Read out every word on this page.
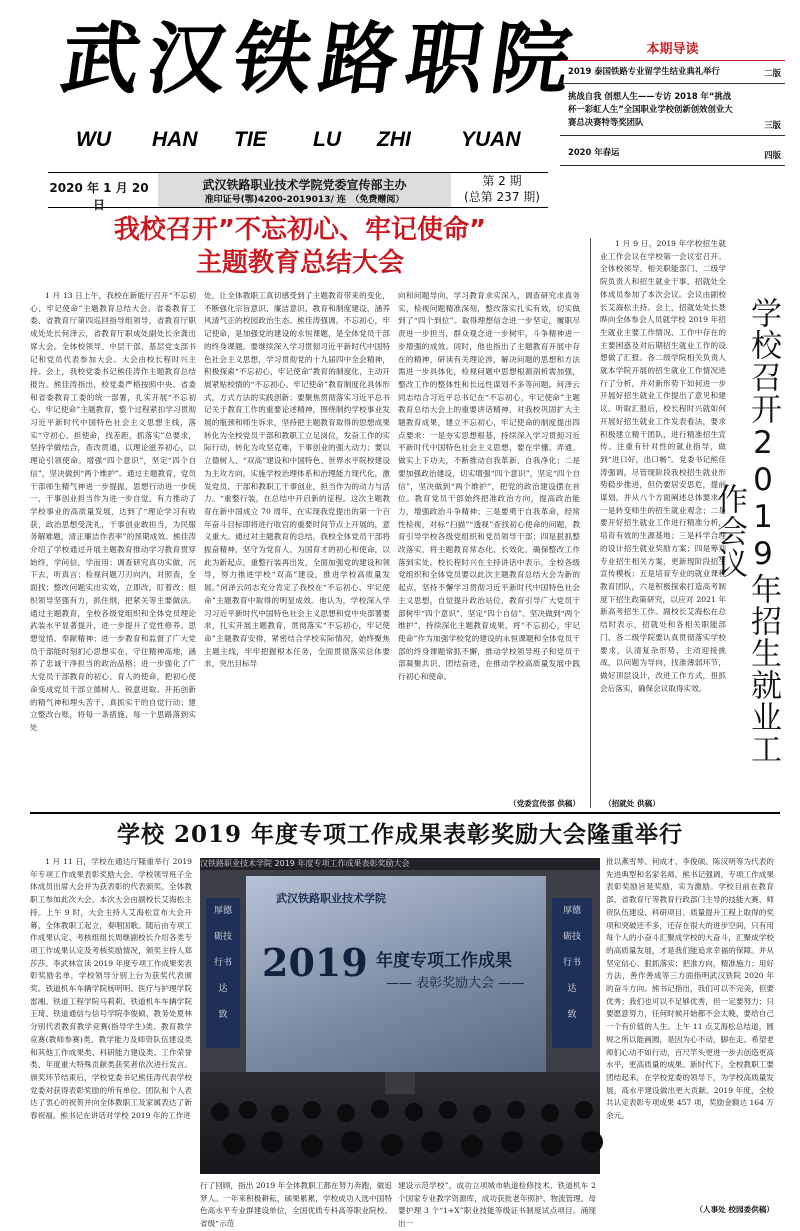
武汉铁路职院
WU HAN TIE LU ZHI YUAN
本期导读
2019 泰国铁路专业留学生结业典礼举行	二版
挑战自我 创想人生——专访 2018 年“挑战杯一彩虹人生”全国职业学校创新创效创业大赛总决赛特等奖团队	三版
2020 年春运	四版
2020 年 1 月 20 日
武汉铁路职业技术学院党委宣传部主办
准印证号(鄂)4200-2019013/ 连　（免费赠阅）
第 2 期
(总第 237 期)
我校召开”不忘初心、牢记使命”
主题教育总结大会
1 月 13 日上午，我校在新能厅召开“不忘初心、牢记使命”主题教育总结大会。省委教育工委、省教育厅第四巡回指导组领导，省教育厅职成处处长何泽云，省教育厅职成处副处长余龚出席大会。全体校领导、中层干部、基层党支部书记和党员代表参加大会。大会由校长程时兴主持。会上，我校党委书记熊佳涛作主题教育总结报告。熊佳涛指出，校党委严格按照中央、省委和省委教育工委的统一部署，扎实开展“不忘初心、牢记使命”主题教育，整个过程紧扣学习贯彻习近平新时代中国特色社会主义思想主线，落实“守初心、担使命，找差距，抓落实”总要求，坚持学做结合，查改贯通，以理论滋养初心，以理论引领使命。增强“四个意识”，坚定“四个自信”，坚决做到“两个维护”。通过主题教育，党员干部师生精气神进一步提振，思想行动进一步统一，干事创业担当作为进一步自觉，有力推动了学校事业的高质量发展，达到了“理论学习有收获，政治思想受洗礼，干事创业敢担当，为民服务解难题，清正廉洁作表率”的预期成效。熊佳涛介绍了学校通过开展主题教育推动学习教育贯穿始终，学问信，学而用；调查研究真功实做，沉下去，听真言；检视问题刀刃向内，对照查，全面找；整改问题实出实效，立即改，盯着改；组织领导坚强有力，抓住纲，把紧关等主要做法。通过主题教育，全校各级党组织和全体党员理论武装水平显著提升，进一步提升了党性修养、思想觉悟、奉献精神；进一步教育和监督了广大党员干部能时刻扪心思想实在，守住精神高地，涵养了忠诚干净担当的政治品格；进一步强化了广大党员干部教育的初心、育人的使命，把初心使命变成党员干部立德树人、锐意进取、开拓创新的精气神和埋头苦干、真抓实干的自觉行动；建立整改台账，将每一条措施、每一个思路落到实处
处，让全体教职工真切感受到了主题教育带来的变化，不断强化宗旨意识、廉洁意识、教育和制度建设，涵养风清气正的校园政治生态。熊佳涛强调，不忘初心，牢记使命，是加强党的建设的永恒课题，是全体党员干部的终身课题。要继续深入学习贯彻习近平新时代中国特色社会主义思想，学习贯彻党的十九届四中全会精神，积极探索“不忘初心，牢记使命”教育的制度化，主动开展紧贴校情的“不忘初心、牢记使命”教育制度化具体形式，方式方法的实践创新；要聚焦贯彻落实习近平总书记关于教育工作的重要论述精神，围绕制约学校事业发展的瓶颈和师生诉求，坚持把主题教育取得的思想成果转化为全校党员干部和教职工立足岗位，发奋工作的实际行动，转化为攻坚克难，干事创业的强大动力；要以立德树人、“双高”建设和中国特色、世界水平院校建设为主攻方向，实施学校治理体系和治理能力现代化，激发党员、干部和教职工干事创业，担当作为的动力与活力。“重整行装，在总结中开启新的征程。这次主题教育在新中国成立 70 周年，在实现我党提出的第一个百年奋斗目标即将进行收官的重要时间节点上开展的，意义重大。通过对主题教育的总结，我校全体党员干部将振奋精神，坚守为党育人、为国育才的初心和使命，以此为新起点，重整行装再出发，全面加强党的建设和领导，努力推进学校“双高”建设，推进学校高质量发展。”何泽云同志充分肯定了我校在“不忘初心、牢记使命”主题教育中取得的明显成效。他认为，学校深入学习习近平新时代中国特色社会主义思想和党中央部署要求，扎实开展主题教育，贯彻落实“不忘初心，牢记使命”主题教育安排，紧密结合学校实际情况，始终聚焦主题主线，牢牢把握根本任务，全面贯彻落实总体要求，突出目标导
向和问题导向，学习教育求实深入，调查研究求真务实，检视问题精准深刻，整改落实扎实有效，切实做到了“四个到位”。取得理想信念进一步坚定，履职尽责进一步担当，群众观念进一步树牢，斗争精神进一步增强的成效。同时，他也指出了主题教育开展中存在的精神，研读有关理论涉，解决问题的思想和方法需进一步具体化，检视问题中思想根源剖析需加强，整改工作的整体性和长远性谋划不多等问题。何泽云同志结合习近平总书记在“不忘初心，牢记使命”主题教育总结大会上的重要讲话精神，对我校巩固扩大主题教育成果，建立不忘初心，牢记使命的制度提出四点要求：一是夯实思想根基，持续深入学习贯彻习近平新时代中国特色社会主义思想，要在学懂、弄通、做实上下功夫，不断推动自我革新、自我净化；二是要加强政治建设，切实增强“四个意识”，坚定“四个自信”，坚决做到“两个维护”，把党的政治建设摆在首位。教育党员干部始终把准政治方向，提高政治能力，增强政治斗争精神；三是要勇于自我革命，经常性检视，对标“扫描”“透视”查找初心使命的问题，教育引导学校各级党组织和党员领导干部；四是狠抓整改落实，将主题教育常态化、长效化，确保整改工作落到实处。校长程时兴在主持讲话中表示，全校各级党组织和全体党员要以此次主题教育总结大会为新的起点，坚持不懈学习贯彻习近平新时代中国特色社会主义思想，自觉提升政治站位，教育引导广大党员干部树牢“四个意识”、坚定“四个自信”、坚决做到“两个维护”，持续深化主题教育成果，将“不忘初心，牢记使命”作为加强学校党的建设的永恒课题和全体党员干部的终身课题常抓不懈，推动学校领导班子和党员干部凝聚共识、团结奋进，在推动学校高质量发展中践行初心和使命。
（党委宣传部 供稿）
1 月 9 日，2019 年学校招生就业工作会议在学校第一会议室召开。全体校领导、相关职能部门、二级学院负责人和招生就业干事，招就处全体成员参加了本次会议。会议由副校长艾海松主持。会上，招就处处长聂晔向全体参会人员就学校 2019 年招生就业主要工作情况、工作中存在的主要困惑及对后期招生就业工作的设想做了汇报。各二级学院相关负责人就本学院开展的招生就业工作情况进行了分析，并对新形势下如何进一步开展好招生就业工作提出了意见和建议。听取汇报后，校长程时兴就如何开展好招生就业工作发表看法，要求积极建立精干团队，进行精准招生宣传。注重有针对性的就业指导，做到“进口好，出口畅”。党委书记熊佳涛强调，尽管现阶段我校招生就业形势稳步推进，但仍要居安思危，提前谋划，并从八个方面阐述总体要求：一是转变师生的招生就业观念；二是要开好招生就业工作进行精准分析，培育有效的生源基地；三是科学合理的设计招生就业奖励方案；四是筹划专业招生相关方案，更新现阶段招生宣传模板；五是培育专业的就业课程教育团队，六是积极探索打造高考制度下招生政策研究，以应对 2021 年新高考招生工作。副校长艾海松在总结时表示，招就处和各相关职能部门、各二级学院要认真贯彻落实学校要求，认清复杂形势，主动迎接挑战，以问题为导向，找准薄弱环节，做好顶层设计，改进工作方式，扭抓会后落实，确保会议取得实效。
（招就处 供稿）
学校召开2019年招生就业工作会议
学校 2019 年度专项工作成果表彰奖励大会隆重举行
1 月 11 日，学校在通达厅隆重举行 2019 年专项工作成果表彰奖励大会。学校领导班子全体成员出席大会并为获表彰的代表颁奖。全体教职工参加此次大会。本次大会由副校长艾海松主持。上午 9 时，大会主持人艾海松宣布大会开幕，全体教职工起立，奏唱国歌。随后由专项工作成果认定、考核组组长周继副校长介绍各类专项工作成果认定及考核奖励情况，颁奖主持人郑莎莎、李武林宣读 2019 年度专项工作成果奖表彰奖励名单，学校领导分别上台为获奖代表颁奖。铁道机车车辆学院杨明明、医疗与护理学院雷湘、铁道工程学院马莉莉、铁道机车车辆学院王琦、铁道通信与信号学院李俊硕、教务处夏林分别代表教育教学竞赛(指导学生)类、教育教学竞赛(教师参赛)类、教学能力及师资队伍建设类和其他工作成果类、科研能力建设类、工作荣誉类、年度重大特殊贡献类获奖者依次进行发言。颁奖环节结束后，学校党委书记熊佳涛代表学校党委对获得表彰奖励的所有单位、团队和个人表达了衷心的祝贺并向全体教职工及家属表达了新春祝福。熊书记在讲话对学校 2019 年的工作进
行了回顾，指出 2019 年全体教职工都在努力奔跑，做追梦人。一年来积极耕耘，硕果累累，学校成功入选中国特色高水平专业群建设单位，全国优质专科高等职业院校、省级“示范
建设示范学校”，成功立项城市轨道检修技术、铁道机车 2 个国家专业教学资源库，成功获批老年照护、物流管理、母婴护理 3 个“1+X”职业技能等级证书制度试点项目。涌现出一
批以燕雪琴、何成才、李俊硕、陈汉明等为代表的先进典型和名家名师。熊书记强调，专项工作成果表彰奖励旨是奖励，实为激励。学校目前在教育部、省教育厅等教育行政部门主导的技能大赛、师资队伍建设、科研项目、质量提升工程上取得的奖项和突破还不多，还存在很大的进步空间，只有用每个人的小奋斗汇聚成学校的大奋斗，汇聚成学校的高质量发展，才是我们能追求幸福的保障。并从坚定信心、狠抓落实；把准方向，精准施力；用好方法，善作善成等三方面指明武汉铁院 2020 年的奋斗方向。熊书记指出，我们可以不完美，但要优秀；我们也可以不足够优秀，但一定要努力；只要愿意努力，任何时候开始都不会太晚，要给自己一个有价值的人生。上午 11 点艾海松总结道，圆规之所以能画圆，是因为心不动，脚在走。希望老师们心动不如行动，百尺竿头更进一步去创造更高水平，更高质量的成果。新时代下，全校教职工要团结起来，在学校党委的领导下，为学校高质量发展，高水平建设做出更大贡献。2019 年度，全校共认定表彰专项成果 457 项，奖励金额达 164 万余元。
（人事处 校园委供稿）
汉铁路职业技术学院 2019 年度专项工作成果表彰奖励大会
厚德
砺技
行书
达
致
厚德
砺技
行书
达
致
武汉铁路职业技术学院
2019 年度专项工作成果
—— 表彰奖励大会 ——
